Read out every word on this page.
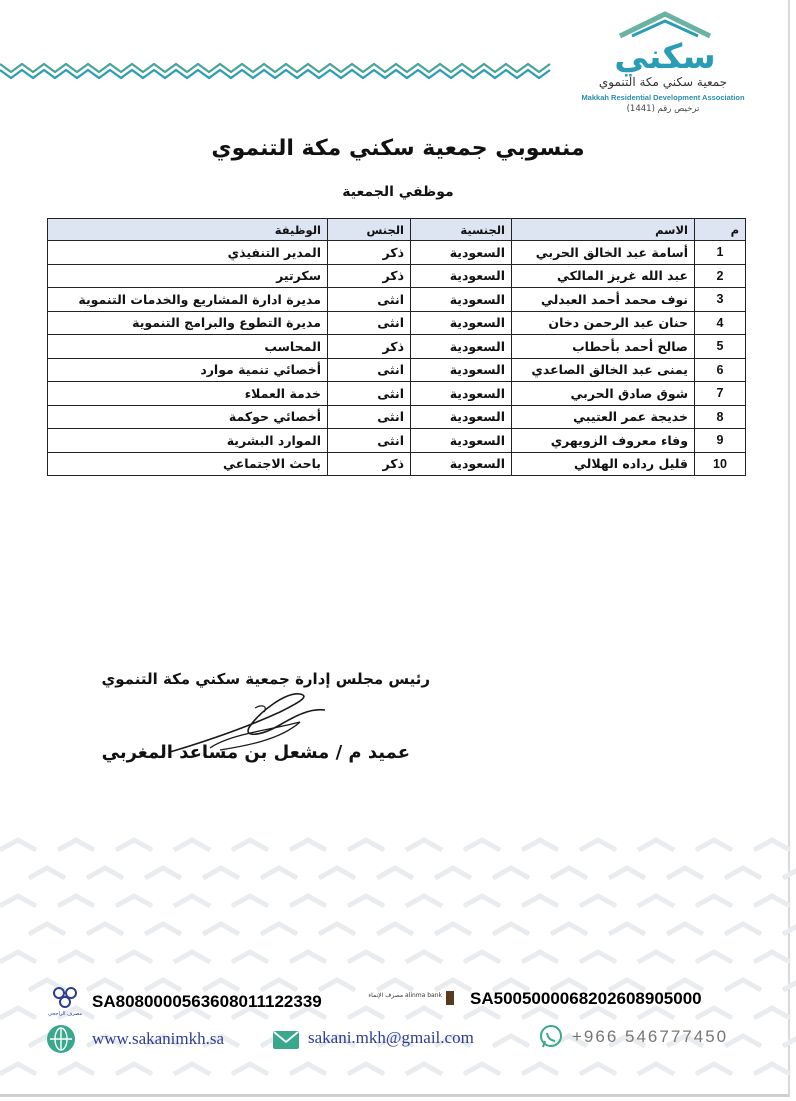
سكني
جمعية سكني مكة التنموي
Makkah Residential Development Association
ترخيص رقم (1441)
منسوبي جمعية سكني مكة التنموي
موظفي الجمعية
م	الاسم	الجنسية	الجنس	الوظيفة
1	أسامة عبد الخالق الحربي	السعودية	ذكر	المدير التنفيذي
2	عبد الله غريز المالكي	السعودية	ذكر	سكرتير
3	نوف محمد أحمد العبدلي	السعودية	انثى	مديرة ادارة المشاريع والخدمات التنموية
4	حنان عبد الرحمن دخان	السعودية	انثى	مديرة التطوع والبرامج التنموية
5	صالح أحمد بأحطاب	السعودية	ذكر	المحاسب
6	يمنى عبد الخالق الصاعدي	السعودية	انثى	أخصائي تنمية موارد
7	شوق صادق الحربي	السعودية	انثى	خدمة العملاء
8	خديجة عمر العتيبي	السعودية	انثى	أخصائي حوكمة
9	وفاء معروف الزويهري	السعودية	انثى	الموارد البشرية
10	قليل رداده الهلالي	السعودية	ذكر	باحث الاجتماعي
رئيس مجلس إدارة جمعية سكني مكة التنموي
عميد م / مشعل بن مساعد المغربي
مصرف الراجحي
SA8080000563608011122339	مصرف الإنماء alinma bank SA5005000068202608905000
www.sakanimkh.sa	sakani.mkh@gmail.com	+966 546777450
